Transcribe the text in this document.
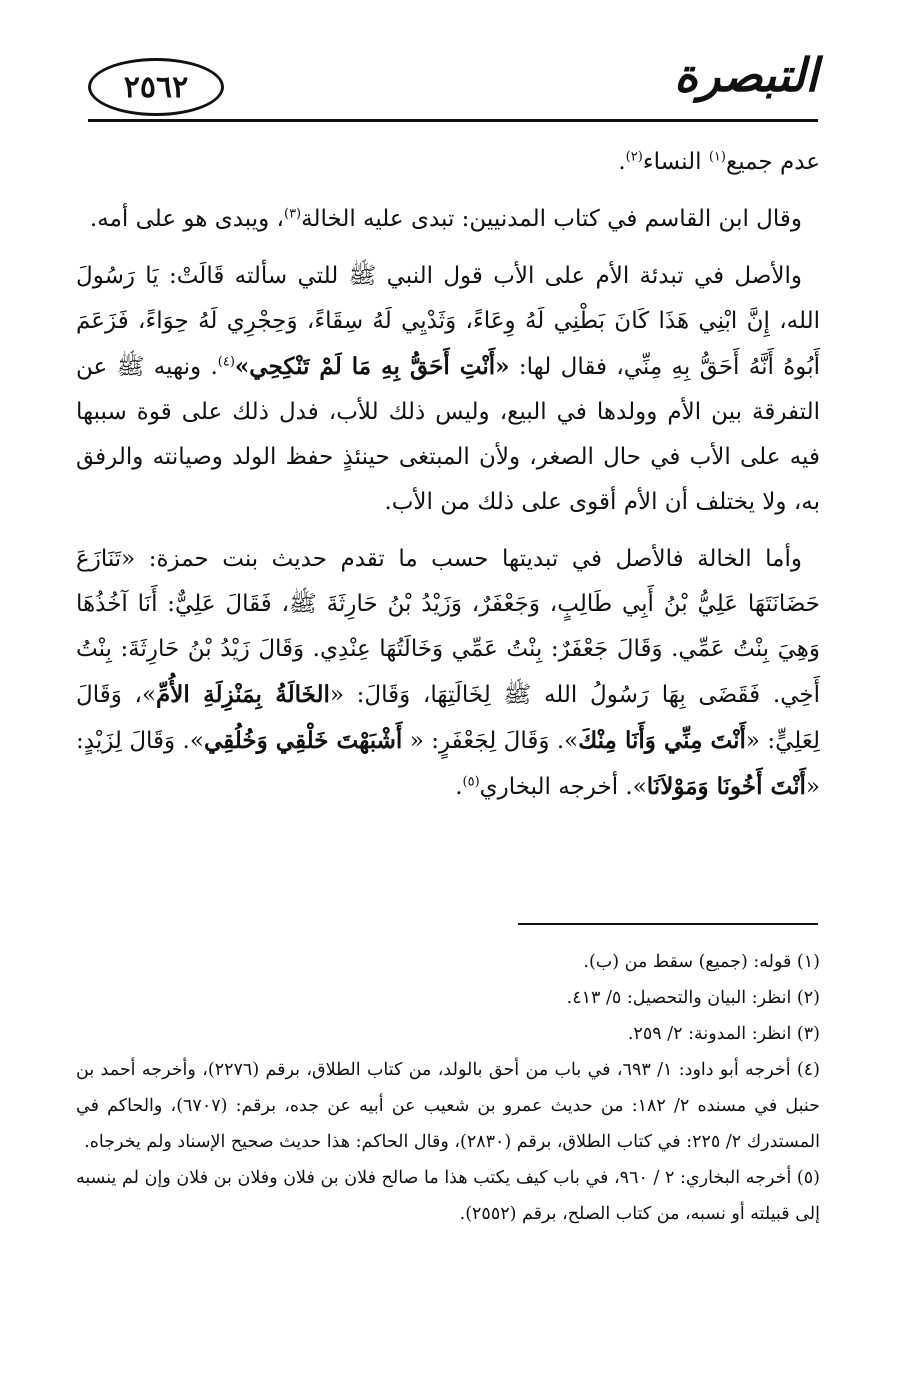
٢٥٦٢	التبصرة

عدم جميع$^{(١)}$ النساء$^{(٢)}$.

وقال ابن القاسم في كتاب المدنيين: تبدى عليه الخالة$^{(٣)}$، ويبدى هو على أمه.

والأصل في تبدئة الأم على الأب قول النبي ﷺ للتي سألته قَالَتْ: يَا رَسُولَ الله، إِنَّ ابْنِي هَذَا كَانَ بَطْنِي لَهُ وِعَاءً، وَثَدْيِي لَهُ سِقَاءً، وَحِجْرِي لَهُ حِوَاءً، فَزَعَمَ أَبُوهُ أَنَّهُ أَحَقُّ بِهِ مِنِّي، فقال لها: «أَنْتِ أَحَقُّ بِهِ مَا لَمْ تَنْكِحِي»$^{(٤)}$. ونهيه ﷺ عن التفرقة بين الأم وولدها في البيع، وليس ذلك للأب، فدل ذلك على قوة سببها فيه على الأب في حال الصغر، ولأن المبتغى حينئذٍ حفظ الولد وصيانته والرفق به، ولا يختلف أن الأم أقوى على ذلك من الأب.

وأما الخالة فالأصل في تبديتها حسب ما تقدم حديث بنت حمزة: «تَنَازَعَ حَضَانَتَهَا عَلِيُّ بْنُ أَبِي طَالِبٍ، وَجَعْفَرٌ، وَزَيْدُ بْنُ حَارِثَةَ ﷺ، فَقَالَ عَلِيٌّ: أَنَا آخُذُهَا وَهِيَ بِنْتُ عَمِّي. وَقَالَ جَعْفَرٌ: بِنْتُ عَمِّي وَخَالَتُهَا عِنْدِي. وَقَالَ زَيْدُ بْنُ حَارِثَةَ: بِنْتُ أَخِي. فَقَضَى بِهَا رَسُولُ الله ﷺ لِخَالَتِهَا، وَقَالَ: «الخَالَةُ بِمَنْزِلَةِ الأُمِّ»، وَقَالَ لِعَلِيٍّ: «أَنْتَ مِنِّي وَأَنَا مِنْكَ». وَقَالَ لِجَعْفَرٍ: « أَشْبَهْتَ خَلْقِي وَخُلُقِي». وَقَالَ لِزَيْدٍ: «أَنْتَ أَخُونَا وَمَوْلاَنَا». أخرجه البخاري$^{(٥)}$.

(١) قوله: (جميع) سقط من (ب).

(٢) انظر: البيان والتحصيل: ٥/ ٤١٣.

(٣) انظر: المدونة: ٢/ ٢٥٩.

(٤) أخرجه أبو داود: ١/ ٦٩٣، في باب من أحق بالولد، من كتاب الطلاق، برقم (٢٢٧٦)، وأخرجه أحمد بن حنبل في مسنده ٢/ ١٨٢: من حديث عمرو بن شعيب عن أبيه عن جده، برقم: (٦٧٠٧)، والحاكم في المستدرك ٢/ ٢٢٥: في كتاب الطلاق، برقم (٢٨٣٠)، وقال الحاكم: هذا حديث صحيح الإسناد ولم يخرجاه.

(٥) أخرجه البخاري: ٢ / ٩٦٠، في باب كيف يكتب هذا ما صالح فلان بن فلان وفلان بن فلان وإن لم ينسبه إلى قبيلته أو نسبه، من كتاب الصلح، برقم (٢٥٥٢).
